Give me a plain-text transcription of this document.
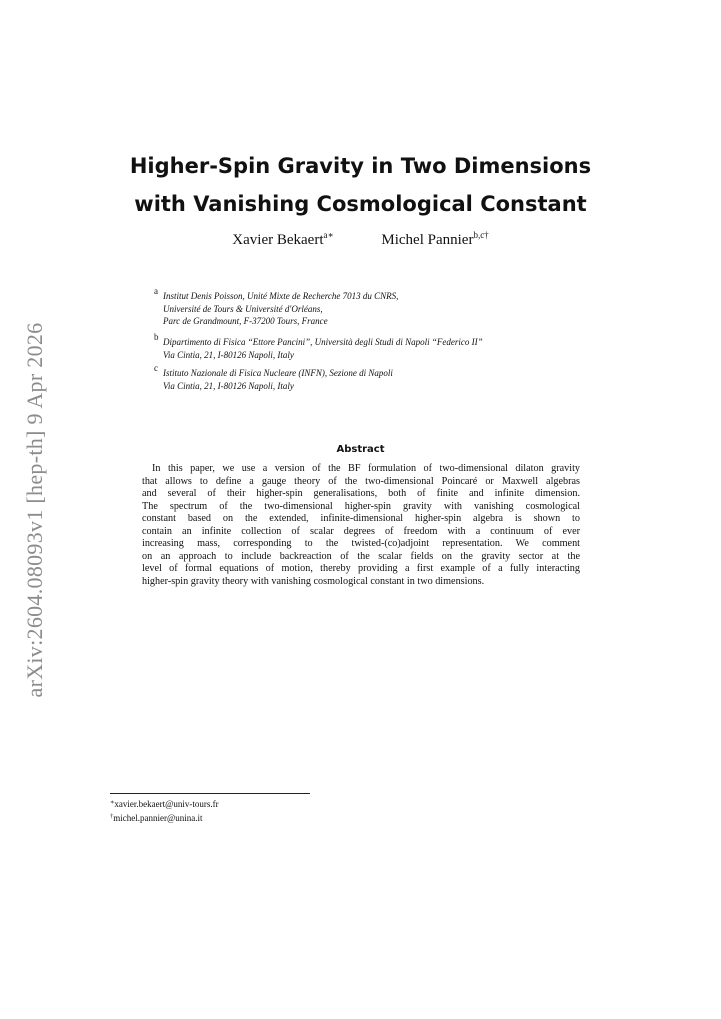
arXiv:2604.08093v1 [hep-th] 9 Apr 2026
Higher-Spin Gravity in Two Dimensions
with Vanishing Cosmological Constant
Xavier Bekaert$^{a∗}$	Michel Pannier$^{b,c\dagger}$
a Institut Denis Poisson, Unité Mixte de Recherche 7013 du CNRS,
Université de Tours & Université d'Orléans,
Parc de Grandmount, F-37200 Tours, France
b Dipartimento di Fisica “Ettore Pancini”, Università degli Studi di Napoli “Federico II”
Via Cintia, 21, I-80126 Napoli, Italy
c Istituto Nazionale di Fisica Nucleare (INFN), Sezione di Napoli
Via Cintia, 21, I-80126 Napoli, Italy
Abstract
In this paper, we use a version of the BF formulation of two-dimensional dilaton gravity
that allows to define a gauge theory of the two-dimensional Poincaré or Maxwell algebras
and several of their higher-spin generalisations, both of finite and infinite dimension.
The spectrum of the two-dimensional higher-spin gravity with vanishing cosmological
constant based on the extended, infinite-dimensional higher-spin algebra is shown to
contain an infinite collection of scalar degrees of freedom with a continuum of ever
increasing mass, corresponding to the twisted-(co)adjoint representation. We comment
on an approach to include backreaction of the scalar fields on the gravity sector at the
level of formal equations of motion, thereby providing a first example of a fully interacting
higher-spin gravity theory with vanishing cosmological constant in two dimensions.
∗xavier.bekaert@univ-tours.fr
†michel.pannier@unina.it
